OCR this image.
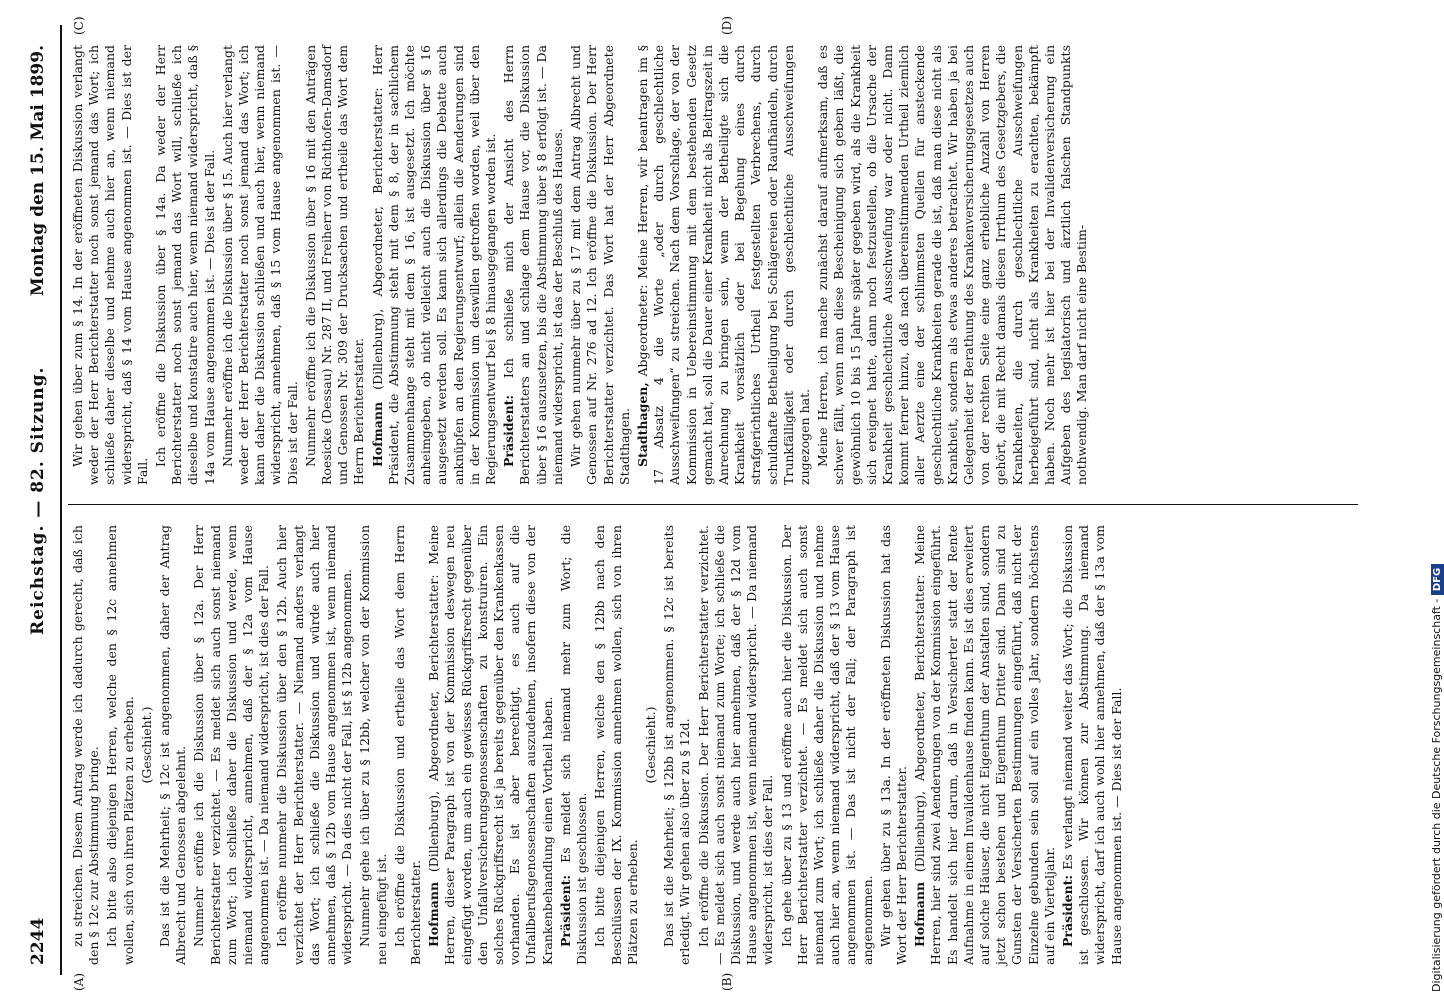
2244
Reichstag. — 82. Sitzung.
Montag den 15. Mai 1899.
(A)	(B)
(C)	(D)

zu streichen. Diesem Antrag werde ich dadurch gerecht, daß ich den § 12c zur Abstimmung bringe. Ich bitte also diejenigen Herren, welche den § 12c annehmen wollen, sich von ihren Plätzen zu erheben. (Geschieht.) Das ist die Mehrheit; § 12c ist angenommen, daher der Antrag Albrecht und Genossen abgelehnt. Nunmehr eröffne ich die Diskussion über § 12a. Der Herr Berichterstatter verzichtet. — Es meldet sich auch sonst niemand zum Wort; ich schließe daher die Diskussion und werde, wenn niemand widerspricht, annehmen, daß der § 12a vom Hause angenommen ist. — Da niemand widerspricht, ist dies der Fall. Ich eröffne nunmehr die Diskussion über den § 12b. Auch hier verzichtet der Herr Berichterstatter. — Niemand anders verlangt das Wort; ich schließe die Diskussion und würde auch hier annehmen, daß § 12b vom Hause angenommen ist, wenn niemand widerspricht. — Da dies nicht der Fall, ist § 12b angenommen. Nunmehr gehe ich über zu § 12bb, welcher von der Kommission neu eingefügt ist. Ich eröffne die Diskussion und ertheile das Wort dem Herrn Berichterstatter. Hofmann (Dillenburg), Abgeordneter, Berichterstatter: Meine Herren, dieser Paragraph ist von der Kommission deswegen neu eingefügt worden, um auch ein gewisses Rückgriffsrecht gegenüber den Unfallversicherungsgenossenschaften zu konstruiren. Ein solches Rückgriffsrecht ist ja bereits gegenüber den Krankenkassen vorhanden. Es ist aber berechtigt, es auch auf die Unfallberufsgenossenschaften auszudehnen, insofern diese von der Krankenbehandlung einen Vortheil haben. Präsident: Es meldet sich niemand mehr zum Wort; die Diskussion ist geschlossen. Ich bitte diejenigen Herren, welche den § 12bb nach den Beschlüssen der IX. Kommission annehmen wollen, sich von ihren Plätzen zu erheben.

(Geschieht.) Das ist die Mehrheit; § 12bb ist angenommen. § 12c ist bereits erledigt. Wir gehen also über zu § 12d. Ich eröffne die Diskussion. Der Herr Berichterstatter verzichtet. — Es meldet sich auch sonst niemand zum Worte; ich schließe die Diskussion, und werde auch hier annehmen, daß der § 12d vom Hause angenommen ist, wenn niemand widerspricht. — Da niemand widerspricht, ist dies der Fall. Ich gehe über zu § 13 und eröffne auch hier die Diskussion. Der Herr Berichterstatter verzichtet. — Es meldet sich auch sonst niemand zum Wort; ich schließe daher die Diskussion und nehme auch hier an, wenn niemand widerspricht, daß der § 13 vom Hause angenommen ist. — Das ist nicht der Fall; der Paragraph ist angenommen. Wir gehen über zu § 13a. In der eröffneten Diskussion hat das Wort der Herr Berichterstatter. Hofmann (Dillenburg), Abgeordneter, Berichterstatter: Meine Herren, hier sind zwei Aenderungen von der Kommission eingeführt. Es handelt sich hier darum, daß in Versicherter statt der Rente Aufnahme in einem Invalidenhause finden kann. Es ist dies erweitert auf solche Häuser, die nicht Eigenthum der Anstalten sind, sondern jetzt schon bestehen und Eigenthum Dritter sind. Dann sind zu Gunsten der Versicherten Bestimmungen eingeführt, daß nicht der Einzelne gebunden sein soll auf ein volles Jahr, sondern höchstens auf ein Vierteljahr. Präsident: Es verlangt niemand weiter das Wort; die Diskussion ist geschlossen. Wir können zur Abstimmung. Da niemand widerspricht, darf ich auch wohl hier annehmen, daß der § 13a vom Hause angenommen ist. — Dies ist der Fall.

Wir gehen über zum § 14. In der eröffneten Diskussion verlangt weder der Herr Berichterstatter noch sonst jemand das Wort; ich schließe daher dieselbe und nehme auch hier an, wenn niemand widerspricht, daß § 14 vom Hause angenommen ist. — Dies ist der Fall.

Ich eröffne die Diskussion über § 14a. Da weder der Herr Berichterstatter noch sonst jemand das Wort will, schließe ich dieselbe und konstatire auch hier, wenn niemand widerspricht, daß § 14a vom Hause angenommen ist. — Dies ist der Fall. Nunmehr eröffne ich die Diskussion über § 15. Auch hier verlangt weder der Herr Berichterstatter noch sonst jemand das Wort; ich kann daher die Diskussion schließen und auch hier, wenn niemand widerspricht, annehmen, daß § 15 vom Hause angenommen ist. — Dies ist der Fall. Nunmehr eröffne ich die Diskussion über § 16 mit den Anträgen Roesicke (Dessau) Nr. 287 II, und Freiherr von Richthofen-Damsdorf und Genossen Nr. 309 der Drucksachen und ertheile das Wort dem Herrn Berichterstatter. Hofmann (Dillenburg), Abgeordneter, Berichterstatter: Herr Präsident, die Abstimmung steht mit dem § 8, der in sachlichem Zusammenhange steht mit dem § 16, ist ausgesetzt. Ich möchte anheimgeben, ob nicht vielleicht auch die Diskussion über § 16 ausgesetzt werden soll. Es kann sich allerdings die Debatte auch anknüpfen an den Regierungsentwurf; allein die Aenderungen sind in der Kommission um deswillen getroffen worden, weil über den Regierungsentwurf bei § 8 hinausgegangen worden ist. Präsident: Ich schließe mich der Ansicht des Herrn Berichterstatters an und schlage dem Hause vor, die Diskussion über § 16 auszusetzen, bis die Abstimmung über § 8 erfolgt ist. — Da niemand widerspricht, ist das der Beschluß des Hauses. Wir gehen nunmehr über zu § 17 mit dem Antrag Albrecht und Genossen auf Nr. 276 ad 12. Ich eröffne die Diskussion. Der Herr Berichterstatter verzichtet. Das Wort hat der Herr Abgeordnete Stadthagen. Stadthagen, Abgeordneter: Meine Herren, wir beantragen im § 17 Absatz 4 die Worte „oder durch geschlechtliche Ausschweifungen“ zu streichen. Nach dem Vorschlage, der von der Kommission in Uebereinstimmung mit dem bestehenden Gesetz gemacht hat, soll die Dauer einer Krankheit nicht als Beitragszeit in Anrechnung zu bringen sein, wenn der Betheiligte sich die Krankheit vorsätzlich oder bei Begehung eines durch strafgerichtliches Urtheil festgestellten Verbrechens, durch schuldhafte Betheiligung bei Schlägereien oder Raufhändeln, durch Trunkfälligkeit oder durch geschlechtliche Ausschweifungen zugezogen hat. Meine Herren, ich mache zunächst darauf aufmerksam, daß es schwer fällt, wenn man diese Bescheinigung sich geben läßt, die gewöhnlich 10 bis 15 Jahre später gegeben wird, als die Krankheit sich ereignet hatte, dann noch festzustellen, ob die Ursache der Krankheit geschlechtliche Ausschweifung war oder nicht. Dann kommt ferner hinzu, daß nach übereinstimmenden Urtheil ziemlich aller Aerzte eine der schlimmsten Quellen für ansteckende geschlechtliche Krankheiten gerade die ist, daß man diese nicht als Krankheit, sondern als etwas anderes betrachtet. Wir haben ja bei Gelegenheit der Berathung des Krankenversicherungsgesetzes auch von der rechten Seite eine ganz erhebliche Anzahl von Herren gehört, die mit Recht damals diesen Irrthum des Gesetzgebers, die Krankheiten, die durch geschlechtliche Ausschweifungen herbeigeführt sind, nicht als Krankheiten zu erachten, bekämpft haben. Noch mehr ist hier bei der Invalidenversicherung ein Aufgeben des legislatorisch und ärztlich falschen Standpunkts nothwendig. Man darf nicht eine Bestim-

Digitalisierung gefördert durch die Deutsche Forschungsgemeinschaft - DFG
